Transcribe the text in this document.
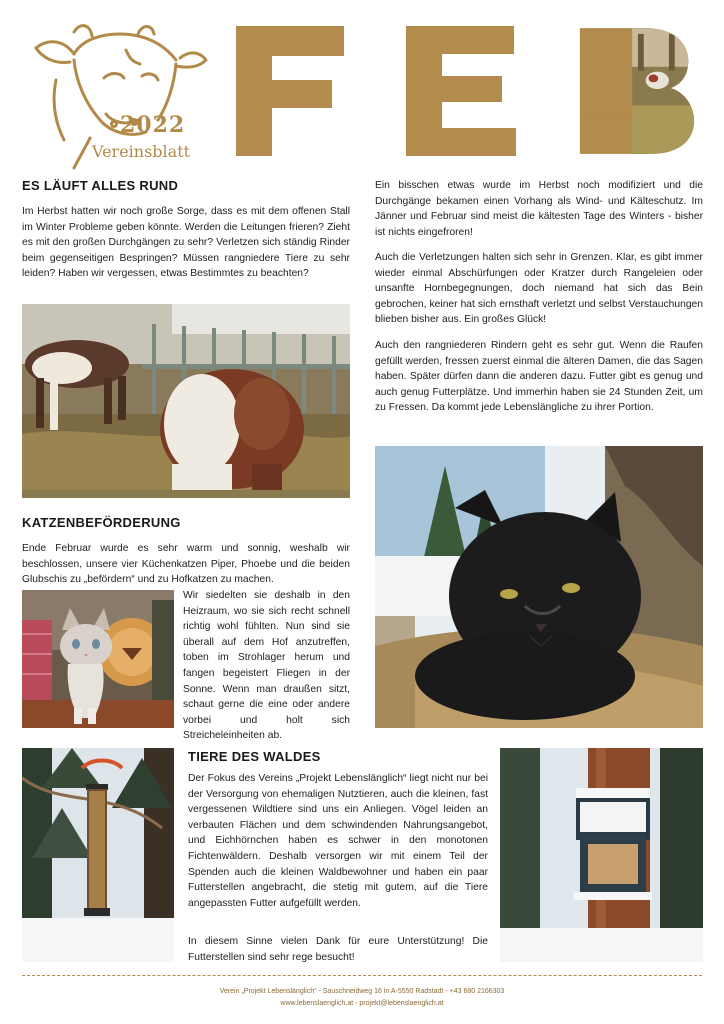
2022
Vereinsblatt
ES LÄUFT ALLES RUND
Im Herbst hatten wir noch große Sorge, dass es mit dem offenen Stall im Winter Probleme geben könnte. Werden die Leitungen frieren? Zieht es mit den großen Durchgängen zu sehr? Verletzen sich ständig Rinder beim gegenseitigen Bespringen? Müssen rangniedere Tiere zu sehr leiden? Haben wir vergessen, etwas Bestimmtes zu beachten?
KATZENBEFÖRDERUNG
Ende Februar wurde es sehr warm und sonnig, weshalb wir beschlossen, unsere vier Küchenkatzen Piper, Phoebe und die beiden Glubschis zu „befördern“ und zu Hofkatzen zu machen.
Wir siedelten sie deshalb in den Heizraum, wo sie sich recht schnell richtig wohl fühlten. Nun sind sie überall auf dem Hof anzutreffen, toben im Strohlager herum und fangen begeistert Fliegen in der Sonne. Wenn man draußen sitzt, schaut gerne die eine oder andere vorbei und holt sich Streicheleinheiten ab.
Ein bisschen etwas wurde im Herbst noch modifiziert und die Durchgänge bekamen einen Vorhang als Wind- und Kälteschutz. Im Jänner und Februar sind meist die kältesten Tage des Winters - bisher ist nichts eingefroren!
Auch die Verletzungen halten sich sehr in Grenzen. Klar, es gibt immer wieder einmal Abschürfungen oder Kratzer durch Rangeleien oder unsanfte Hornbegegnungen, doch niemand hat sich das Bein gebrochen, keiner hat sich ernsthaft verletzt und selbst Verstauchungen blieben bisher aus. Ein großes Glück!
Auch den rangniederen Rindern geht es sehr gut. Wenn die Raufen gefüllt werden, fressen zuerst einmal die älteren Damen, die das Sagen haben. Später dürfen dann die anderen dazu. Futter gibt es genug und auch genug Futterplätze. Und immerhin haben sie 24 Stunden Zeit, um zu Fressen. Da kommt jede Lebenslängliche zu ihrer Portion.
TIERE DES WALDES
Der Fokus des Vereins „Projekt Lebenslänglich“ liegt nicht nur bei der Versorgung von ehemaligen Nutztieren, auch die kleinen, fast vergessenen Wildtiere sind uns ein Anliegen. Vögel leiden an verbauten Flächen und dem schwindenden Nahrungsangebot, und Eichhörnchen haben es schwer in den monotonen Fichtenwäldern. Deshalb versorgen wir mit einem Teil der Spenden auch die kleinen Waldbewohner und haben ein paar Futterstellen angebracht, die stetig mit gutem, auf die Tiere angepassten Futter aufgefüllt werden.
In diesem Sinne vielen Dank für eure Unterstützung! Die Futterstellen sind sehr rege besucht!
Verein „Projekt Lebenslänglich“ - Sauschneidweg 16 in A-5550 Radstadt - +43 680 2166303
www.lebenslaenglich.at - projekt@lebenslaenglich.at
